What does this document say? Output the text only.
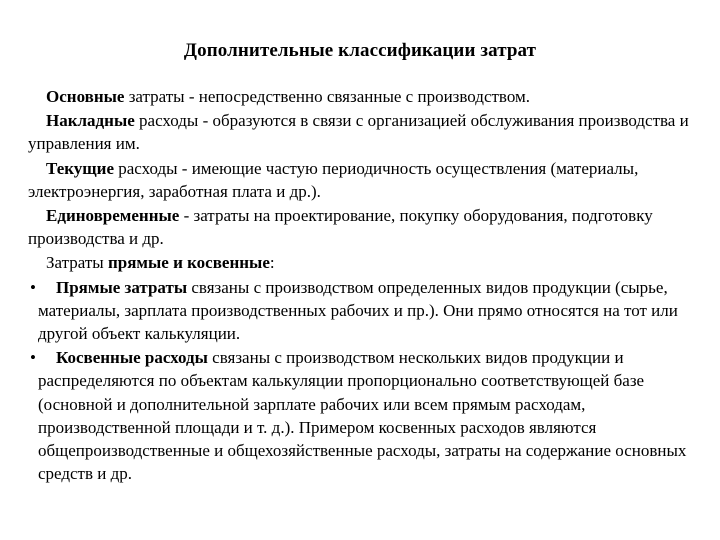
Дополнительные классификации затрат

Основные затраты - непосредственно связанные с производством.

Накладные расходы - образуются в связи с организацией обслуживания производства и управления им.

Текущие расходы - имеющие частую периодичность осуществления (материалы, электроэнергия, заработная плата и др.).

Единовременные - затраты на проектирование, покупку оборудования, подготовку производства и др.

Затраты прямые и косвенные:

•	Прямые затраты связаны с производством определенных видов продукции (сырье, материалы, зарплата производственных рабочих и пр.). Они прямо относятся на тот или другой объект калькуляции.
•	Косвенные расходы связаны с производством нескольких видов продукции и распределяются по объектам калькуляции пропорционально соответствующей базе (основной и дополнительной зарплате рабочих или всем прямым расходам, производственной площади и т. д.). Примером косвенных расходов являются общепроизводственные и общехозяйственные расходы, затраты на содержание основных средств и др.
